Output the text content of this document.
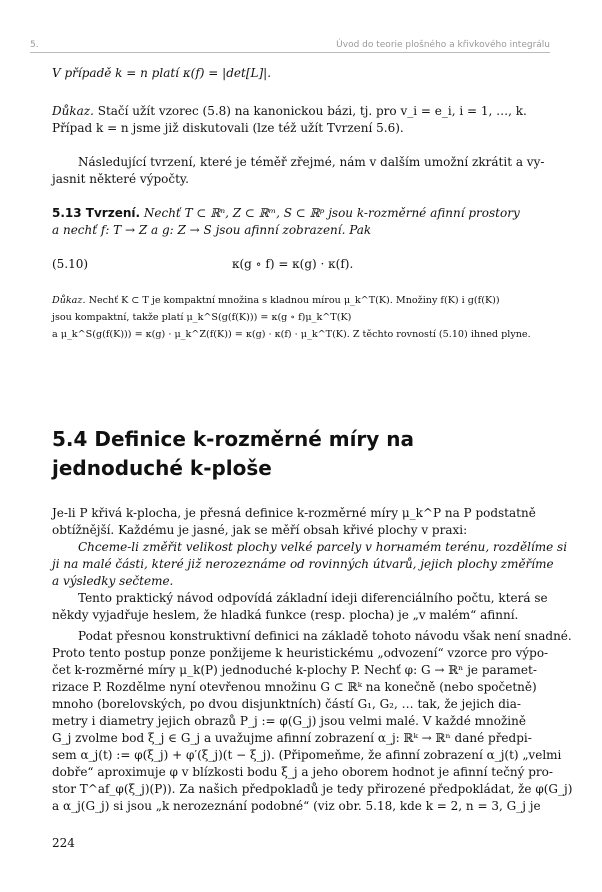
5.	Úvod do teorie plošného a křivkového integrálu
V případě k = n platí κ(f) = |det[L]|.
Důkaz. Stačí užít vzorec (5.8) na kanonickou bázi, tj. pro v_i = e_i, i = 1, …, k.
Případ k = n jsme již diskutovali (lze též užít Tvrzení 5.6).
Následující tvrzení, které je téměř zřejmé, nám v dalším umožní zkrátit a vy-
jasnit některé výpočty.
5.13 Tvrzení. Nechť T ⊂ ℝⁿ, Z ⊂ ℝᵐ, S ⊂ ℝᵖ jsou k-rozměrné afinní prostory
a nechť f: T → Z a g: Z → S jsou afinní zobrazení. Pak
(5.10)	κ(g ∘ f) = κ(g) · κ(f).
Důkaz. Nechť K ⊂ T je kompaktní množina s kladnou mírou μ_k^T(K). Množiny f(K) i g(f(K))
jsou kompaktní, takže platí μ_k^S(g(f(K))) = κ(g ∘ f)μ_k^T(K)
a μ_k^S(g(f(K))) = κ(g) · μ_k^Z(f(K)) = κ(g) · κ(f) · μ_k^T(K). Z těchto rovností (5.10) ihned plyne.
5.4 Definice k-rozměrné míry na
jednoduché k-ploše
Je-li P křivá k-plocha, je přesná definice k-rozměrné míry μ_k^P na P podstatně
obtížnější. Každému je jasné, jak se měří obsah křivé plochy v praxi:
Chceme-li změřit velikost plochy velké parcely v horнатém terénu, rozdělíme si
ji na malé části, které již nerozeznáme od rovinných útvarů, jejich plochy změříme
a výsledky sečteme.
Tento praktický návod odpovídá základní ideji diferenciálního počtu, která se
někdy vyjadřuje heslem, že hladká funkce (resp. plocha) je „v malém“ afinní.
Podat přesnou konstruktivní definici na základě tohoto návodu však není snadné.
Proto tento postup ponze ponžijeme k heuristickému „odvození“ vzorce pro výpo-
čet k-rozměrné míry μ_k(P) jednoduché k-plochy P. Nechť φ: G → ℝⁿ je paramet-
rizace P. Rozdělme nyní otevřenou množinu G ⊂ ℝᵏ na konečně (nebo spočetně)
mnoho (borelovských, po dvou disjunktních) částí G₁, G₂, … tak, že jejich dia-
metry i diametry jejich obrazů P_j := φ(G_j) jsou velmi malé. V každé množině
G_j zvolme bod ξ_j ∈ G_j a uvažujme afinní zobrazení α_j: ℝᵏ → ℝⁿ dané předpi-
sem α_j(t) := φ(ξ_j) + φ′(ξ_j)(t − ξ_j). (Připomeňme, že afinní zobrazení α_j(t) „velmi
dobře“ aproximuje φ v blízkosti bodu ξ_j a jeho oborem hodnot je afinní tečný pro-
stor T^af_φ(ξ_j)(P)). Za našich předpokladů je tedy přirozené předpokládat, že φ(G_j)
a α_j(G_j) si jsou „k nerozeznání podobné“ (viz obr. 5.18, kde k = 2, n = 3, G_j je
224
